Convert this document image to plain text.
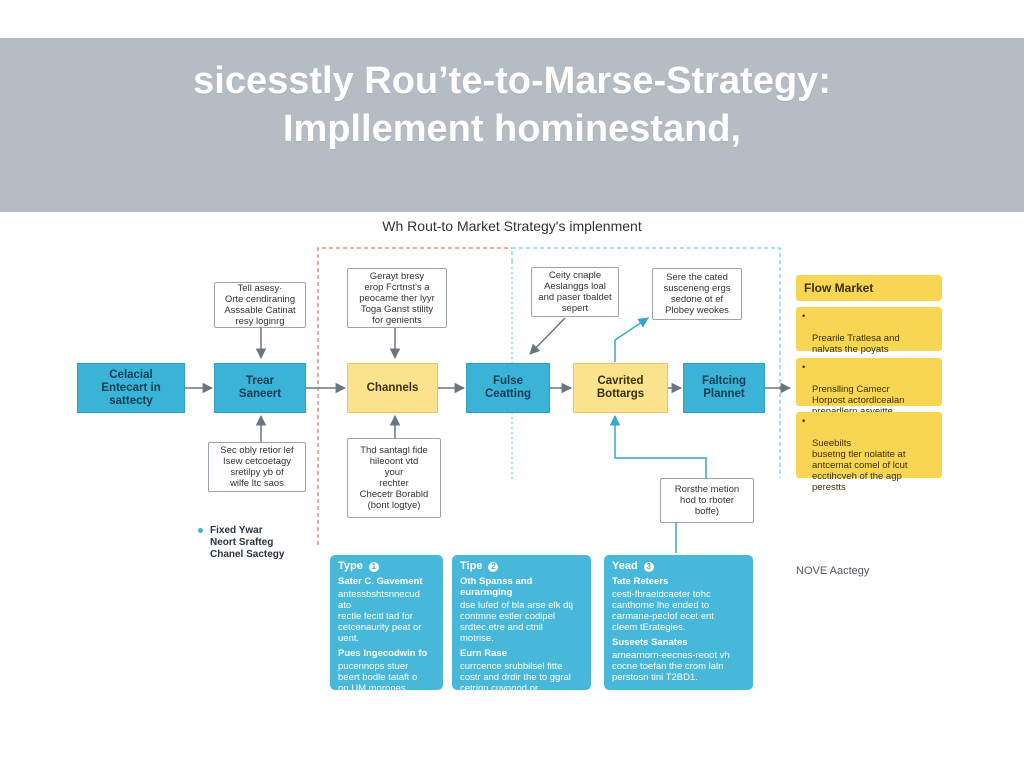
sicesstly Rou’te-to-Marse-Strategy:
Impllement hominestand,
Wh Rout-to Market Strategy's implenment
Celacial
Entecart in
sattecty
Trear
Saneert
Channels
Fulse
Ceatting
Cavrited
Bottargs
Faltcing
Plannet
Tell asesy·
Orte cendiraning
Asssable Catinat
resy loginrg
Gerayt bresy
erop Fcrtnst's a
peocame ther lyyr
Toga Ganst stility
for genients
Ceity cnaple
Aeslanggs loal
and paser tbaldet
sepert
Sere the cated
susceneng ergs
sedone ot ef
Plobey weokes
Sec obly retior lef
Isew cetcoetagy
sretilpy yb of
wilfe ltc saos
Thd santagl fide
hileoont vtd
your
rechter
Checetr Borabld
(bont logtye)
Rorsthe metion
hod to rboter
boffe)
Flow Market

•

Prearile Tratlesa and
nalvats the poyats

•

Prenslling Camecr
Horpost actordlcealan

•

Sueebilts
busetng tler nolatite at
antcernat comel of lcut
ecctihcveh of the agp
perestts

Fixed Ywar
Neort Srafteg
Chanel Sactegy
NOVE Aactegy
Type	1
Sater C. Gavement
antessbshtsnnecud ato
rectle fecitl tad for
cetcenaurity peat or
uent.
Pues Ingecodwin fo
pucennops stuer
beert bodle tataft o
on UM morones...
Tipe	2
Oth Spanss and eurarmging
dse lufed of bla arse elk dtj
contmne estler codipel
srdtec.etre and ctnil
motrise.
Eurn Rase
currcence srubbilsel fitte
costr and drdir the to ggral
cetrign cuvogod or
nonitae.
Yead	3
Tate Reteers
cesti-fbraeldcaeter tohc
canthorne lhe ended to
carmane-peclof ecet ent
cleem tErategies.
Suseets Sanates
arnearnorn-eecnes-reoot vh
cocne toefan the crom laln
perstosn tini T2BD1.
